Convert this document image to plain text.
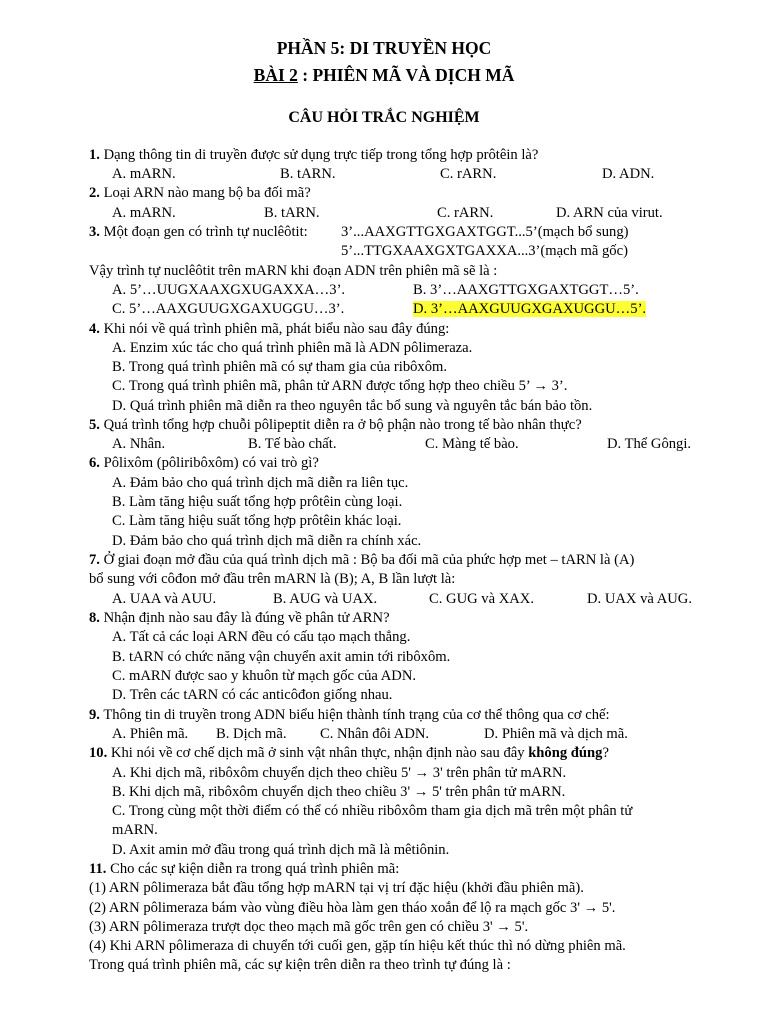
PHẦN 5: DI TRUYỀN HỌC
BÀI 2 : PHIÊN MÃ VÀ DỊCH MÃ
CÂU HỎI TRẮC NGHIỆM
1. Dạng thông tin di truyền được sử dụng trực tiếp trong tổng hợp prôtêin là?
A. mARN.	B. tARN.	C. rARN.	D. ADN.
2. Loại ARN nào mang bộ ba đối mã?
A. mARN.	B. tARN.	C. rARN.	D. ARN của virut.
3. Một đoạn gen có trình tự nuclêôtit: 3’...AAXGTTGXGAXTGGT...5’(mạch bổ sung)
5’...TTGXAAXGXTGAXXA...3’(mạch mã gốc)
Vậy trình tự nuclêôtit trên mARN khi đoạn ADN trên phiên mã sẽ là :
A. 5’…UUGXAAXGXUGAXXA…3’.	B. 3’…AAXGTTGXGAXTGGT…5’.
C. 5’…AAXGUUGXGAXUGGU…3’.	D. 3’…AAXGUUGXGAXUGGU…5’.
4. Khi nói về quá trình phiên mã, phát biểu nào sau đây đúng:
A. Enzim xúc tác cho quá trình phiên mã là ADN pôlimeraza.
B. Trong quá trình phiên mã có sự tham gia của ribôxôm.
C. Trong quá trình phiên mã, phân tử ARN được tổng hợp theo chiều 5’ → 3’.
D. Quá trình phiên mã diễn ra theo nguyên tắc bổ sung và nguyên tắc bán bảo tồn.
5. Quá trình tổng hợp chuỗi pôlipeptit diễn ra ở bộ phận nào trong tế bào nhân thực?
A. Nhân.	B. Tế bào chất.	C. Màng tế bào.	D. Thể Gôngi.
6. Pôlixôm (pôliribôxôm) có vai trò gì?
A. Đảm bảo cho quá trình dịch mã diễn ra liên tục.
B. Làm tăng hiệu suất tổng hợp prôtêin cùng loại.
C. Làm tăng hiệu suất tổng hợp prôtêin khác loại.
D. Đảm bảo cho quá trình dịch mã diễn ra chính xác.
7. Ở giai đoạn mở đầu của quá trình dịch mã : Bộ ba đối mã của phức hợp met – tARN là (A)
bổ sung với côđon mở đầu trên mARN là (B); A, B lần lượt là:
A. UAA và AUU.	B. AUG và UAX.	C. GUG và XAX.	D. UAX và AUG.
8. Nhận định nào sau đây là đúng về phân tử ARN?
A. Tất cả các loại ARN đều có cấu tạo mạch thẳng.
B. tARN có chức năng vận chuyển axit amin tới ribôxôm.
C. mARN được sao y khuôn từ mạch gốc của ADN.
D. Trên các tARN có các anticôđon giống nhau.
9. Thông tin di truyền trong ADN biểu hiện thành tính trạng của cơ thể thông qua cơ chế:
A. Phiên mã. B. Dịch mã. C. Nhân đôi ADN.	D. Phiên mã và dịch mã.
10. Khi nói về cơ chế dịch mã ở sinh vật nhân thực, nhận định nào sau đây không đúng?
A. Khi dịch mã, ribôxôm chuyển dịch theo chiều 5' → 3' trên phân tử mARN.
B. Khi dịch mã, ribôxôm chuyển dịch theo chiều 3' → 5' trên phân tử mARN.
C. Trong cùng một thời điểm có thể có nhiều ribôxôm tham gia dịch mã trên một phân tử
mARN.
D. Axit amin mở đầu trong quá trình dịch mã là mêtiônin.
11. Cho các sự kiện diễn ra trong quá trình phiên mã:
(1) ARN pôlimeraza bắt đầu tổng hợp mARN tại vị trí đặc hiệu (khởi đầu phiên mã).
(2) ARN pôlimeraza bám vào vùng điều hòa làm gen tháo xoắn để lộ ra mạch gốc 3' → 5'.
(3) ARN pôlimeraza trượt dọc theo mạch mã gốc trên gen có chiều 3' → 5'.
(4) Khi ARN pôlimeraza di chuyển tới cuối gen, gặp tín hiệu kết thúc thì nó dừng phiên mã.
Trong quá trình phiên mã, các sự kiện trên diễn ra theo trình tự đúng là :
